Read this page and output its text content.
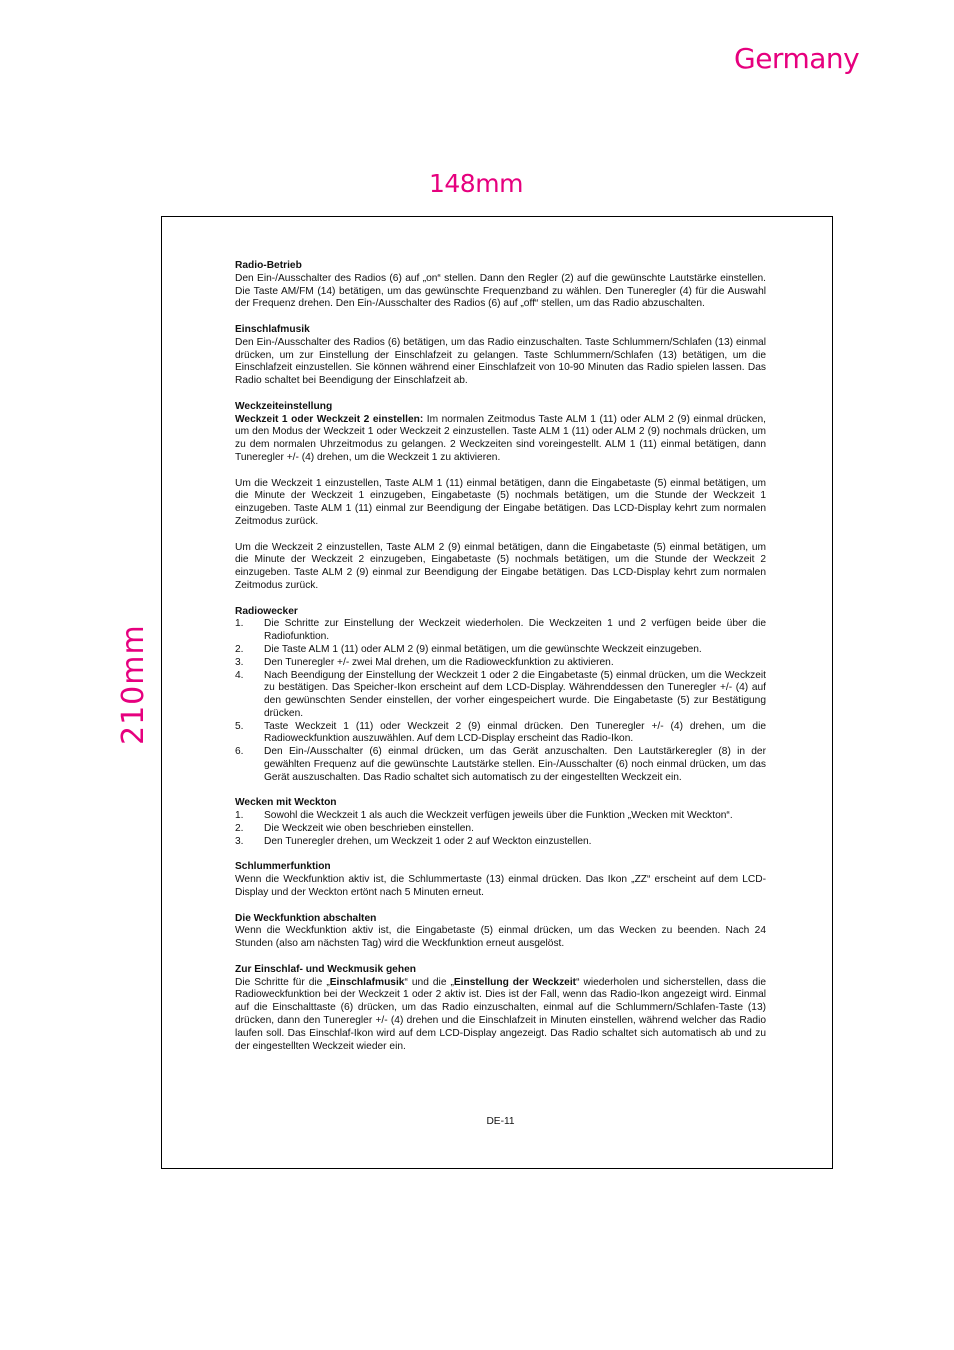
Germany
148mm
210mm
Radio-Betrieb

Den Ein-/Ausschalter des Radios (6) auf „on“ stellen. Dann den Regler (2) auf die gewünschte Lautstärke einstellen. Die Taste AM/FM (14) betätigen, um das gewünschte Frequenzband zu wählen. Den Tuneregler (4) für die Auswahl der Frequenz drehen. Den Ein-/Ausschalter des Radios (6) auf „off“ stellen, um das Radio abzuschalten.

Einschlafmusik

Den Ein-/Ausschalter des Radios (6) betätigen, um das Radio einzuschalten. Taste Schlummern/Schlafen (13) einmal drücken, um zur Einstellung der Einschlafzeit zu gelangen. Taste Schlummern/Schlafen (13) betätigen, um die Einschlafzeit einzustellen. Sie können während einer Einschlafzeit von 10-90 Minuten das Radio spielen lassen. Das Radio schaltet bei Beendigung der Einschlafzeit ab.

Weckzeiteinstellung

Weckzeit 1 oder Weckzeit 2 einstellen: Im normalen Zeitmodus Taste ALM 1 (11) oder ALM 2 (9) einmal drücken, um den Modus der Weckzeit 1 oder Weckzeit 2 einzustellen. Taste ALM 1 (11) oder ALM 2 (9) nochmals drücken, um zu dem normalen Uhrzeitmodus zu gelangen. 2 Weckzeiten sind voreingestellt. ALM 1 (11) einmal betätigen, dann Tuneregler +/- (4) drehen, um die Weckzeit 1 zu aktivieren.

Um die Weckzeit 1 einzustellen, Taste ALM 1 (11) einmal betätigen, dann die Eingabetaste (5) einmal betätigen, um die Minute der Weckzeit 1 einzugeben, Eingabetaste (5) nochmals betätigen, um die Stunde der Weckzeit 1 einzugeben. Taste ALM 1 (11) einmal zur Beendigung der Eingabe betätigen. Das LCD-Display kehrt zum normalen Zeitmodus zurück.

Um die Weckzeit 2 einzustellen, Taste ALM 2 (9) einmal betätigen, dann die Eingabetaste (5) einmal betätigen, um die Minute der Weckzeit 2 einzugeben, Eingabetaste (5) nochmals betätigen, um die Stunde der Weckzeit 2 einzugeben. Taste ALM 2 (9) einmal zur Beendigung der Eingabe betätigen. Das LCD-Display kehrt zum normalen Zeitmodus zurück.

Radiowecker
1.	Die Schritte zur Einstellung der Weckzeit wiederholen. Die Weckzeiten 1 und 2 verfügen beide über die Radiofunktion.
2.	Die Taste ALM 1 (11) oder ALM 2 (9) einmal betätigen, um die gewünschte Weckzeit einzugeben.
3.	Den Tuneregler +/- zwei Mal drehen, um die Radioweckfunktion zu aktivieren.
4.	Nach Beendigung der Einstellung der Weckzeit 1 oder 2 die Eingabetaste (5) einmal drücken, um die Weckzeit zu bestätigen. Das Speicher-Ikon erscheint auf dem LCD-Display. Währenddessen den Tuneregler +/- (4) auf den gewünschten Sender einstellen, der vorher eingespeichert wurde. Die Eingabetaste (5) zur Bestätigung drücken.
5.	Taste Weckzeit 1 (11) oder Weckzeit 2 (9) einmal drücken. Den Tuneregler +/- (4) drehen, um die Radioweckfunktion auszuwählen. Auf dem LCD-Display erscheint das Radio-Ikon.
6.	Den Ein-/Ausschalter (6) einmal drücken, um das Gerät anzuschalten. Den Lautstärkeregler (8) in der gewählten Frequenz auf die gewünschte Lautstärke stellen. Ein-/Ausschalter (6) noch einmal drücken, um das Gerät auszuschalten. Das Radio schaltet sich automatisch zu der eingestellten Weckzeit ein.
Wecken mit Weckton
1.	Sowohl die Weckzeit 1 als auch die Weckzeit verfügen jeweils über die Funktion „Wecken mit Weckton“.
2.	Die Weckzeit wie oben beschrieben einstellen.
3.	Den Tuneregler drehen, um Weckzeit 1 oder 2 auf Weckton einzustellen.
Schlummerfunktion

Wenn die Weckfunktion aktiv ist, die Schlummertaste (13) einmal drücken. Das Ikon „ZZ“ erscheint auf dem LCD-Display und der Weckton ertönt nach 5 Minuten erneut.

Die Weckfunktion abschalten

Wenn die Weckfunktion aktiv ist, die Eingabetaste (5) einmal drücken, um das Wecken zu beenden. Nach 24 Stunden (also am nächsten Tag) wird die Weckfunktion erneut ausgelöst.

Zur Einschlaf- und Weckmusik gehen

Die Schritte für die „Einschlafmusik“ und die „Einstellung der Weckzeit“ wiederholen und sicherstellen, dass die Radioweckfunktion bei der Weckzeit 1 oder 2 aktiv ist. Dies ist der Fall, wenn das Radio-Ikon angezeigt wird. Einmal auf die Einschalttaste (6) drücken, um das Radio einzuschalten, einmal auf die Schlummern/Schlafen-Taste (13) drücken, dann den Tuneregler +/- (4) drehen und die Einschlafzeit in Minuten einstellen, während welcher das Radio laufen soll. Das Einschlaf-Ikon wird auf dem LCD-Display angezeigt. Das Radio schaltet sich automatisch ab und zu der eingestellten Weckzeit wieder ein.

DE-11
